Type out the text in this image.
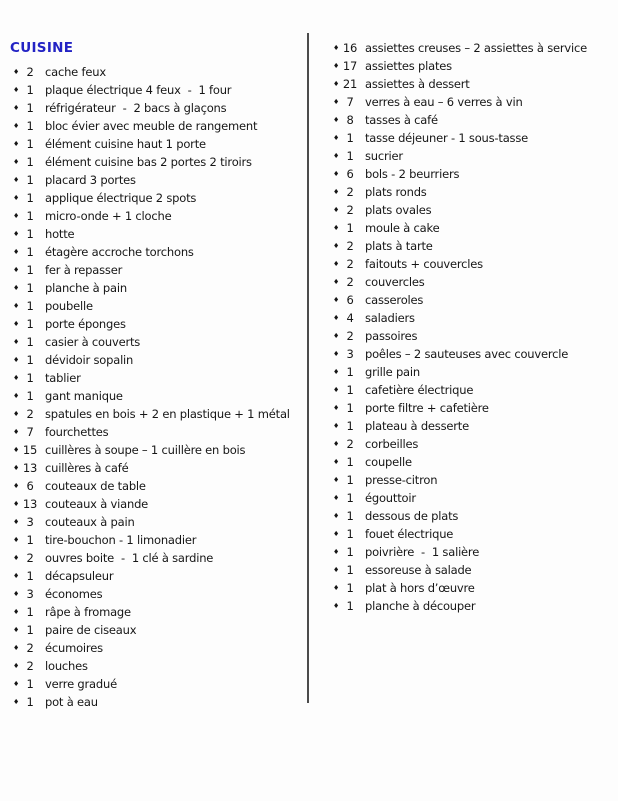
CUISINE
♦
2 cache feux
♦
1 plaque électrique 4 feux  -  1 four
♦
1 réfrigérateur  -  2 bacs à glaçons
♦
1 bloc évier avec meuble de rangement
♦
1 élément cuisine haut 1 porte
♦
1 élément cuisine bas 2 portes 2 tiroirs
♦
1 placard 3 portes
♦
1 applique électrique 2 spots
♦
1 micro-onde + 1 cloche
♦
1 hotte
♦
1 étagère accroche torchons
♦
1 fer à repasser
♦
1 planche à pain
♦
1 poubelle
♦
1 porte éponges
♦
1 casier à couverts
♦
1 dévidoir sopalin
♦
1 tablier
♦
1 gant manique
♦
2 spatules en bois + 2 en plastique + 1 métal
♦
7 fourchettes
♦
15 cuillères à soupe – 1 cuillère en bois
♦
13 cuillères à café
♦
6 couteaux de table
♦
13 couteaux à viande
♦
3 couteaux à pain
♦
1 tire-bouchon - 1 limonadier
♦
2 ouvres boite  -  1 clé à sardine
♦
1 décapsuleur
♦
3 économes
♦
1 râpe à fromage
♦
1 paire de ciseaux
♦
2 écumoires
♦
2 louches
♦
1 verre gradué
♦
1 pot à eau
♦
16 assiettes creuses – 2 assiettes à service
♦
17 assiettes plates
♦
21 assiettes à dessert
♦
7 verres à eau – 6 verres à vin
♦
8 tasses à café
♦
1 tasse déjeuner - 1 sous-tasse
♦
1 sucrier
♦
6 bols - 2 beurriers
♦
2 plats ronds
♦
2 plats ovales
♦
1 moule à cake
♦
2 plats à tarte
♦
2 faitouts + couvercles
♦
2 couvercles
♦
6 casseroles
♦
4 saladiers
♦
2 passoires
♦
3 poêles – 2 sauteuses avec couvercle
♦
1 grille pain
♦
1 cafetière électrique
♦
1 porte filtre + cafetière
♦
1 plateau à desserte
♦
2 corbeilles
♦
1 coupelle
♦
1 presse-citron
♦
1 égouttoir
♦
1 dessous de plats
♦
1 fouet électrique
♦
1 poivrière  -  1 salière
♦
1 essoreuse à salade
♦
1 plat à hors d’œuvre
♦
1 planche à découper
